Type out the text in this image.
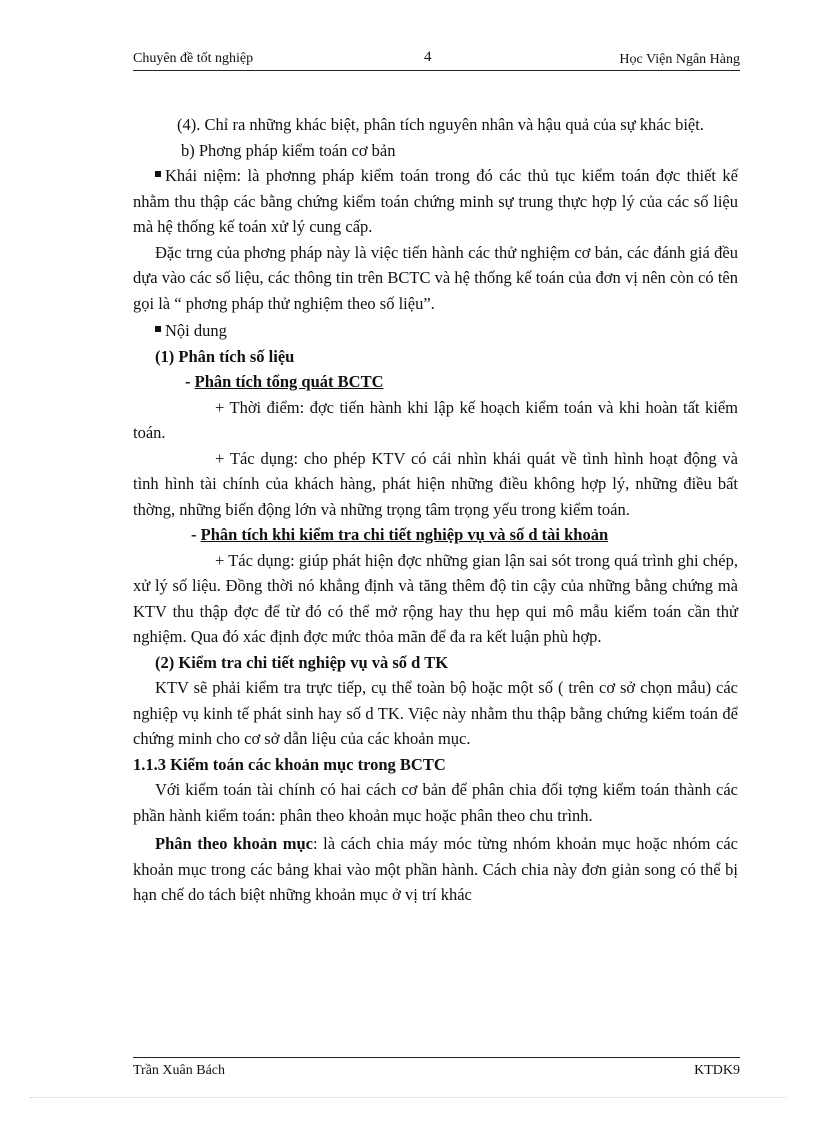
Chuyên đề tốt nghiệp	4	Học Viện Ngân Hàng

(4). Chỉ ra những khác biệt, phân tích nguyên nhân và hậu quả của sự khác biệt.

b) Phơng pháp kiểm toán cơ bản

Khái niệm: là phơnng pháp kiểm toán trong đó các thủ tục kiểm toán đợc thiết kế nhằm thu thập các bằng chứng kiểm toán chứng minh sự trung thực hợp lý của các số liệu mà hệ thống kế toán xử lý cung cấp.

Đặc trng của phơng pháp này là việc tiến hành các thử nghiệm cơ bản, các đánh giá đều dựa vào các số liệu, các thông tin trên BCTC và hệ thống kế toán của đơn vị nên còn có tên gọi là “ phơng pháp thử nghiệm theo số liệu”.

Nội dung

(1) Phân tích số liệu

- Phân tích tổng quát BCTC

+ Thời điểm: đợc tiến hành khi lập kế hoạch kiểm toán và khi hoàn tất kiểm toán.

+ Tác dụng: cho phép KTV có cái nhìn khái quát về tình hình hoạt động và tình hình tài chính của khách hàng, phát hiện những điều không hợp lý, những điều bất thờng, những biến động lớn và những trọng tâm trọng yếu trong kiểm toán.

- Phân tích khi kiểm tra chi tiết nghiệp vụ và số d tài khoản

+ Tác dụng: giúp phát hiện đợc những gian lận sai sót trong quá trình ghi chép, xử lý số liệu. Đồng thời nó khẳng định và tăng thêm độ tin cậy của những bằng chứng mà KTV thu thập đợc để từ đó có thể mở rộng hay thu hẹp qui mô mẫu kiểm toán cần thử nghiệm. Qua đó xác định đợc mức thỏa mãn để đa ra kết luận phù hợp.

(2) Kiểm tra chi tiết nghiệp vụ và số d TK

KTV sẽ phải kiểm tra trực tiếp, cụ thể toàn bộ hoặc một số ( trên cơ sở chọn mẫu) các nghiệp vụ kinh tế phát sinh hay số d TK. Việc này nhằm thu thập bằng chứng kiểm toán để chứng minh cho cơ sở dẫn liệu của các khoản mục.

1.1.3 Kiểm toán các khoản mục trong BCTC

Với kiểm toán tài chính có hai cách cơ bản để phân chia đối tợng kiểm toán thành các phần hành kiểm toán: phân theo khoản mục hoặc phân theo chu trình.

Phân theo khoản mục: là cách chia máy móc từng nhóm khoản mục hoặc nhóm các khoản mục trong các bảng khai vào một phần hành. Cách chia này đơn giản song có thể bị hạn chế do tách biệt những khoản mục ở vị trí khác

Trần Xuân Bách	KTDK9
